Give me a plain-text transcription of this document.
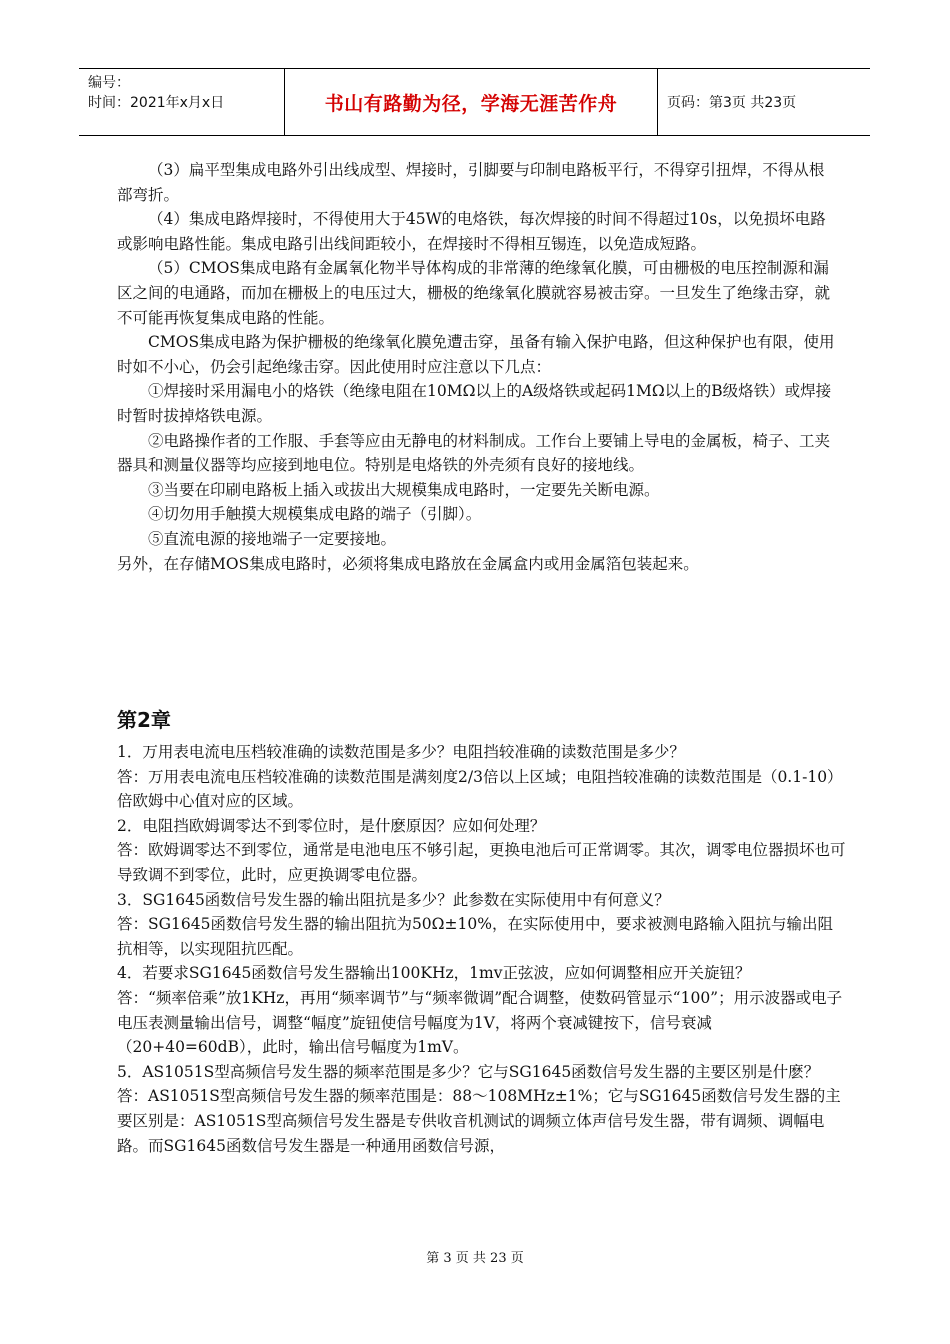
编号：
时间：2021年x月x日	书山有路勤为径，学海无涯苦作舟	页码：第3页 共23页

（3）扁平型集成电路外引出线成型、焊接时，引脚要与印制电路板平行，不得穿引扭焊，不得从根部弯折。

（4）集成电路焊接时，不得使用大于45W的电烙铁，每次焊接的时间不得超过10s，以免损坏电路或影响电路性能。集成电路引出线间距较小，在焊接时不得相互锡连，以免造成短路。

（5）CMOS集成电路有金属氧化物半导体构成的非常薄的绝缘氧化膜，可由栅极的电压控制源和漏区之间的电通路，而加在栅极上的电压过大，栅极的绝缘氧化膜就容易被击穿。一旦发生了绝缘击穿，就不可能再恢复集成电路的性能。

CMOS集成电路为保护栅极的绝缘氧化膜免遭击穿，虽备有输入保护电路，但这种保护也有限，使用时如不小心，仍会引起绝缘击穿。因此使用时应注意以下几点：

①焊接时采用漏电小的烙铁（绝缘电阻在10MΩ以上的A级烙铁或起码1MΩ以上的B级烙铁）或焊接时暂时拔掉烙铁电源。

②电路操作者的工作服、手套等应由无静电的材料制成。工作台上要铺上导电的金属板，椅子、工夹器具和测量仪器等均应接到地电位。特别是电烙铁的外壳须有良好的接地线。

③当要在印刷电路板上插入或拔出大规模集成电路时，一定要先关断电源。

④切勿用手触摸大规模集成电路的端子（引脚）。

⑤直流电源的接地端子一定要接地。

另外，在存储MOS集成电路时，必须将集成电路放在金属盒内或用金属箔包装起来。

第2章

1．万用表电流电压档较准确的读数范围是多少？电阻挡较准确的读数范围是多少？

答：万用表电流电压档较准确的读数范围是满刻度2/3倍以上区域；电阻挡较准确的读数范围是（0.1-10）倍欧姆中心值对应的区域。

2．电阻挡欧姆调零达不到零位时，是什麽原因？应如何处理？

答：欧姆调零达不到零位，通常是电池电压不够引起，更换电池后可正常调零。其次，调零电位器损坏也可导致调不到零位，此时，应更换调零电位器。

3．SG1645函数信号发生器的输出阻抗是多少？此参数在实际使用中有何意义？

答：SG1645函数信号发生器的输出阻抗为50Ω±10%，在实际使用中，要求被测电路输入阻抗与输出阻抗相等，以实现阻抗匹配。

4．若要求SG1645函数信号发生器输出100KHz，1mv正弦波，应如何调整相应开关旋钮？

答：“频率倍乘”放1KHz，再用“频率调节”与“频率微调”配合调整，使数码管显示“100”；用示波器或电子电压表测量输出信号，调整“幅度”旋钮使信号幅度为1V，将两个衰减键按下，信号衰减（20+40=60dB），此时，输出信号幅度为1mV。

5．AS1051S型高频信号发生器的频率范围是多少？它与SG1645函数信号发生器的主要区别是什麽？

答：AS1051S型高频信号发生器的频率范围是：88～108MHz±1%；它与SG1645函数信号发生器的主要区别是：AS1051S型高频信号发生器是专供收音机测试的调频立体声信号发生器，带有调频、调幅电路。而SG1645函数信号发生器是一种通用函数信号源，

第 3 页 共 23 页
